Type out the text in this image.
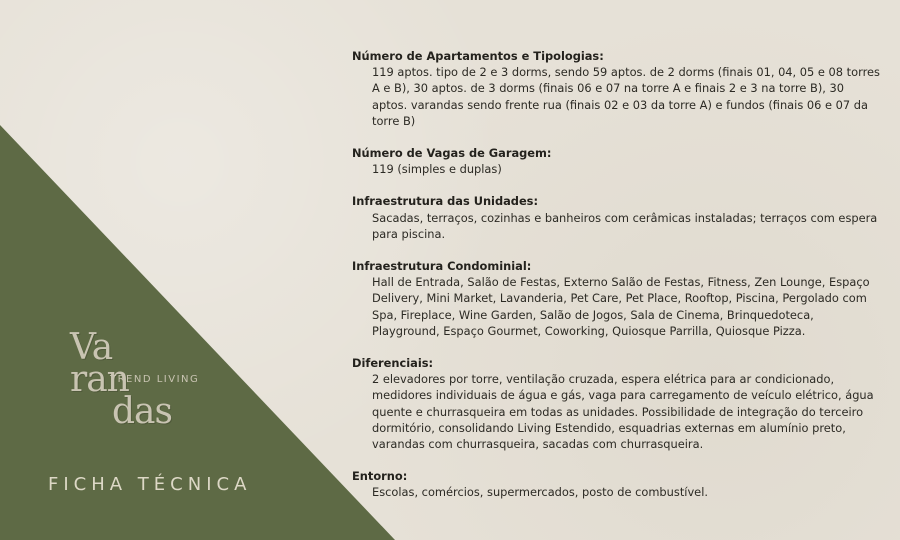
Va
ran
das
TREND LIVING
FICHA TÉCNICA
Número de Apartamentos e Tipologias:

119 aptos. tipo de 2 e 3 dorms, sendo 59 aptos. de 2 dorms (finais 01, 04, 05 e 08 torres A e B), 30 aptos. de 3 dorms (finais 06 e 07 na torre A e finais 2 e 3 na torre B), 30 aptos. varandas sendo frente rua (finais 02 e 03 da torre A) e fundos (finais 06 e 07 da torre B)

Número de Vagas de Garagem:

119 (simples e duplas)

Infraestrutura das Unidades:

Sacadas, terraços, cozinhas e banheiros com cerâmicas instaladas; terraços com espera para piscina.

Infraestrutura Condominial:

Hall de Entrada, Salão de Festas, Externo Salão de Festas, Fitness, Zen Lounge, Espaço Delivery, Mini Market, Lavanderia, Pet Care, Pet Place, Rooftop, Piscina, Pergolado com Spa, Fireplace, Wine Garden, Salão de Jogos, Sala de Cinema, Brinquedoteca, Playground, Espaço Gourmet, Coworking, Quiosque Parrilla, Quiosque Pizza.

Diferenciais:

2 elevadores por torre, ventilação cruzada, espera elétrica para ar condicionado, medidores individuais de água e gás, vaga para carregamento de veículo elétrico, água quente e churrasqueira em todas as unidades. Possibilidade de integração do terceiro dormitório, consolidando Living Estendido, esquadrias externas em alumínio preto, varandas com churrasqueira, sacadas com churrasqueira.

Entorno:

Escolas, comércios, supermercados, posto de combustível.
